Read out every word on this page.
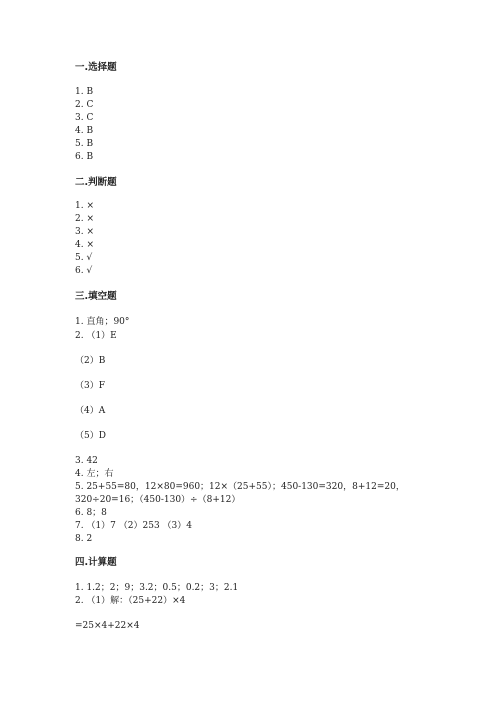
一.选择题
1. B
2. C
3. C
4. B
5. B
6. B
二.判断题
1. ×
2. ×
3. ×
4. ×
5. √
6. √
三.填空题
1. 直角；90°
2. （1）E
（2）B
（3）F
（4）A
（5）D
3. 42
4. 左；右
5. 25+55=80，12×80=960；12×（25+55）；450-130=320，8+12=20，
320÷20=16；（450-130）÷（8+12）
6. 8；8
7. （1）7 （2）253 （3）4
8. 2
四.计算题
1. 1.2；2；9；3.2；0.5；0.2；3；2.1
2. （1）解：（25+22）×4
=25×4+22×4
